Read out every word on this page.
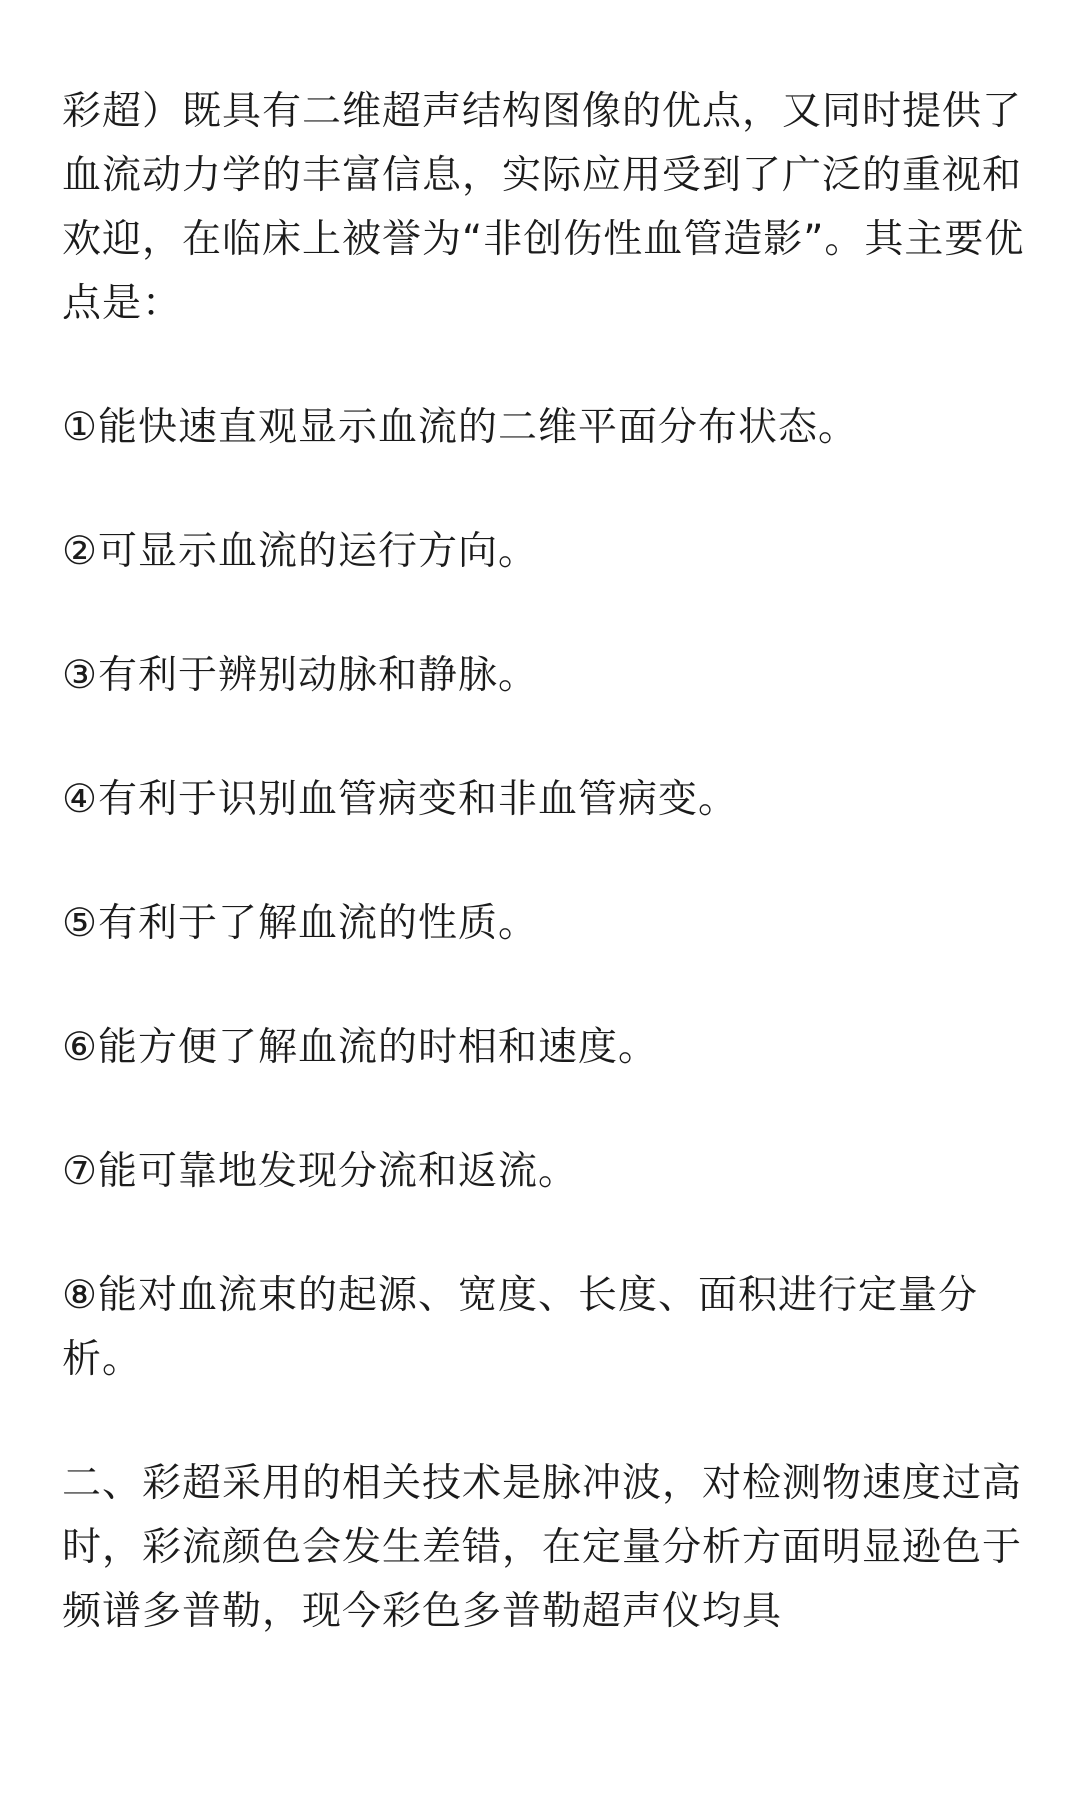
彩超）既具有二维超声结构图像的优点，又同时提供了血流动力学的丰富信息，实际应用受到了广泛的重视和欢迎，在临床上被誉为“非创伤性血管造影”。其主要优点是：

①能快速直观显示血流的二维平面分布状态。

②可显示血流的运行方向。

③有利于辨别动脉和静脉。

④有利于识别血管病变和非血管病变。

⑤有利于了解血流的性质。

⑥能方便了解血流的时相和速度。

⑦能可靠地发现分流和返流。

⑧能对血流束的起源、宽度、长度、面积进行定量分析。

二、彩超采用的相关技术是脉冲波，对检测物速度过高时，彩流颜色会发生差错，在定量分析方面明显逊色于频谱多普勒，现今彩色多普勒超声仪均具
